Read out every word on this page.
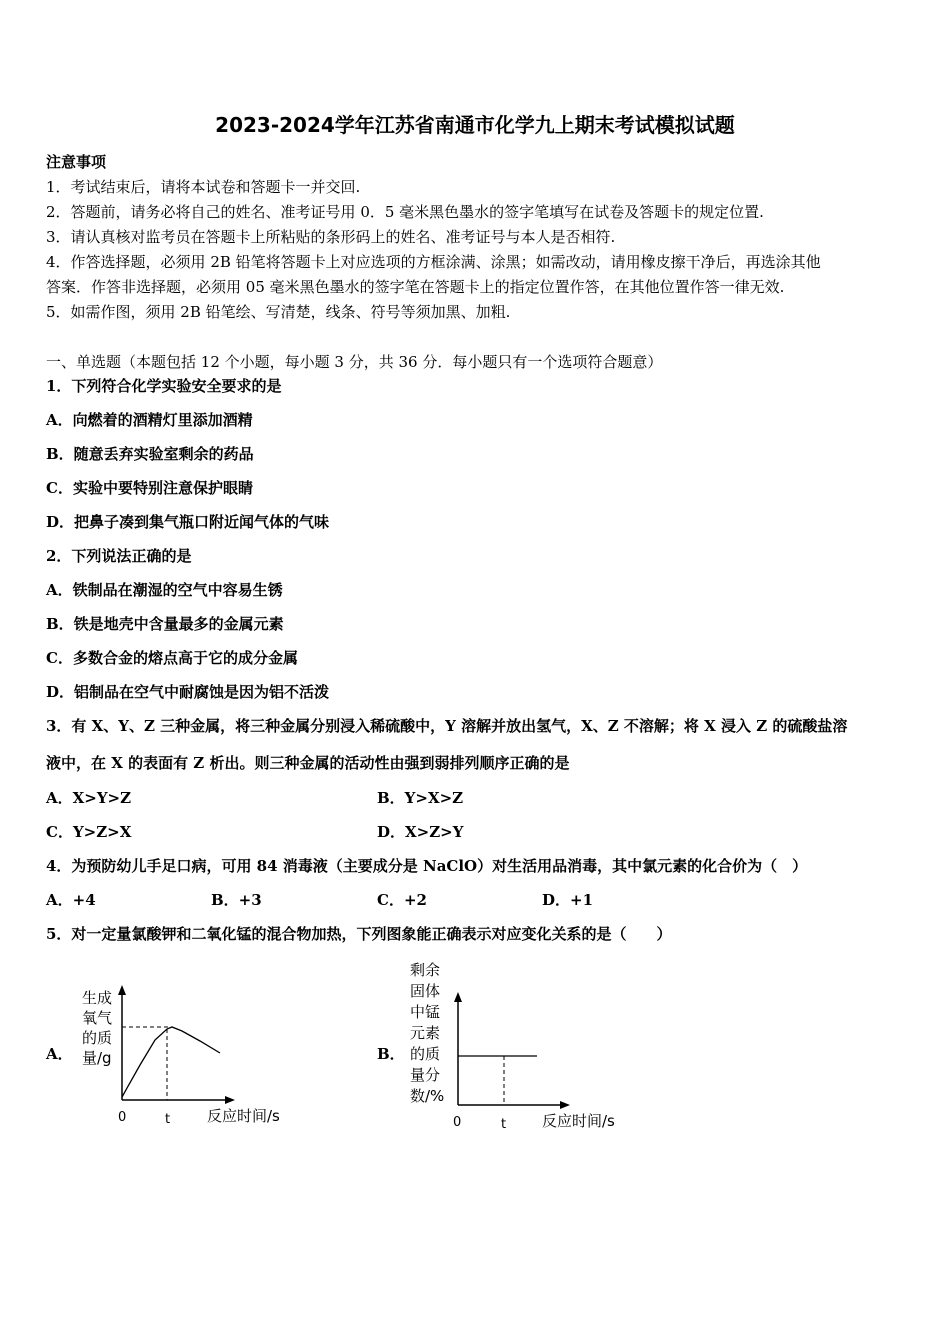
2023-2024学年江苏省南通市化学九上期末考试模拟试题
注意事项
1．考试结束后，请将本试卷和答题卡一并交回.
2．答题前，请务必将自己的姓名、准考证号用 0．5 毫米黑色墨水的签字笔填写在试卷及答题卡的规定位置.
3．请认真核对监考员在答题卡上所粘贴的条形码上的姓名、准考证号与本人是否相符.
4．作答选择题，必须用 2B 铅笔将答题卡上对应选项的方框涂满、涂黑；如需改动，请用橡皮擦干净后，再选涂其他
答案．作答非选择题，必须用 05 毫米黑色墨水的签字笔在答题卡上的指定位置作答，在其他位置作答一律无效.
5．如需作图，须用 2B 铅笔绘、写清楚，线条、符号等须加黑、加粗.
一、单选题（本题包括 12 个小题，每小题 3 分，共 36 分．每小题只有一个选项符合题意）
1．下列符合化学实验安全要求的是
A．向燃着的酒精灯里添加酒精
B．随意丢弃实验室剩余的药品
C．实验中要特别注意保护眼睛
D．把鼻子凑到集气瓶口附近闻气体的气味
2．下列说法正确的是
A．铁制品在潮湿的空气中容易生锈
B．铁是地壳中含量最多的金属元素
C．多数合金的熔点高于它的成分金属
D．铝制品在空气中耐腐蚀是因为铝不活泼
3．有 X、Y、Z 三种金属，将三种金属分别浸入稀硫酸中，Y 溶解并放出氢气，X、Z 不溶解；将 X 浸入 Z 的硫酸盐溶
液中，在 X 的表面有 Z 析出。则三种金属的活动性由强到弱排列顺序正确的是
A．X>Y>Z	B．Y>X>Z
C．Y>Z>X	D．X>Z>Y
4．为预防幼儿手足口病，可用 84 消毒液（主要成分是 NaClO）对生活用品消毒，其中氯元素的化合价为（　）
A．+4	B．+3	C．+2	D．+1
5．对一定量氯酸钾和二氧化锰的混合物加热，下列图象能正确表示对应变化关系的是（　　）
A．
生成氧气的质量/g
0	t 反应时间/s
B．
剩余固体中锰元素的质量分数/%
0	t 反应时间/s
